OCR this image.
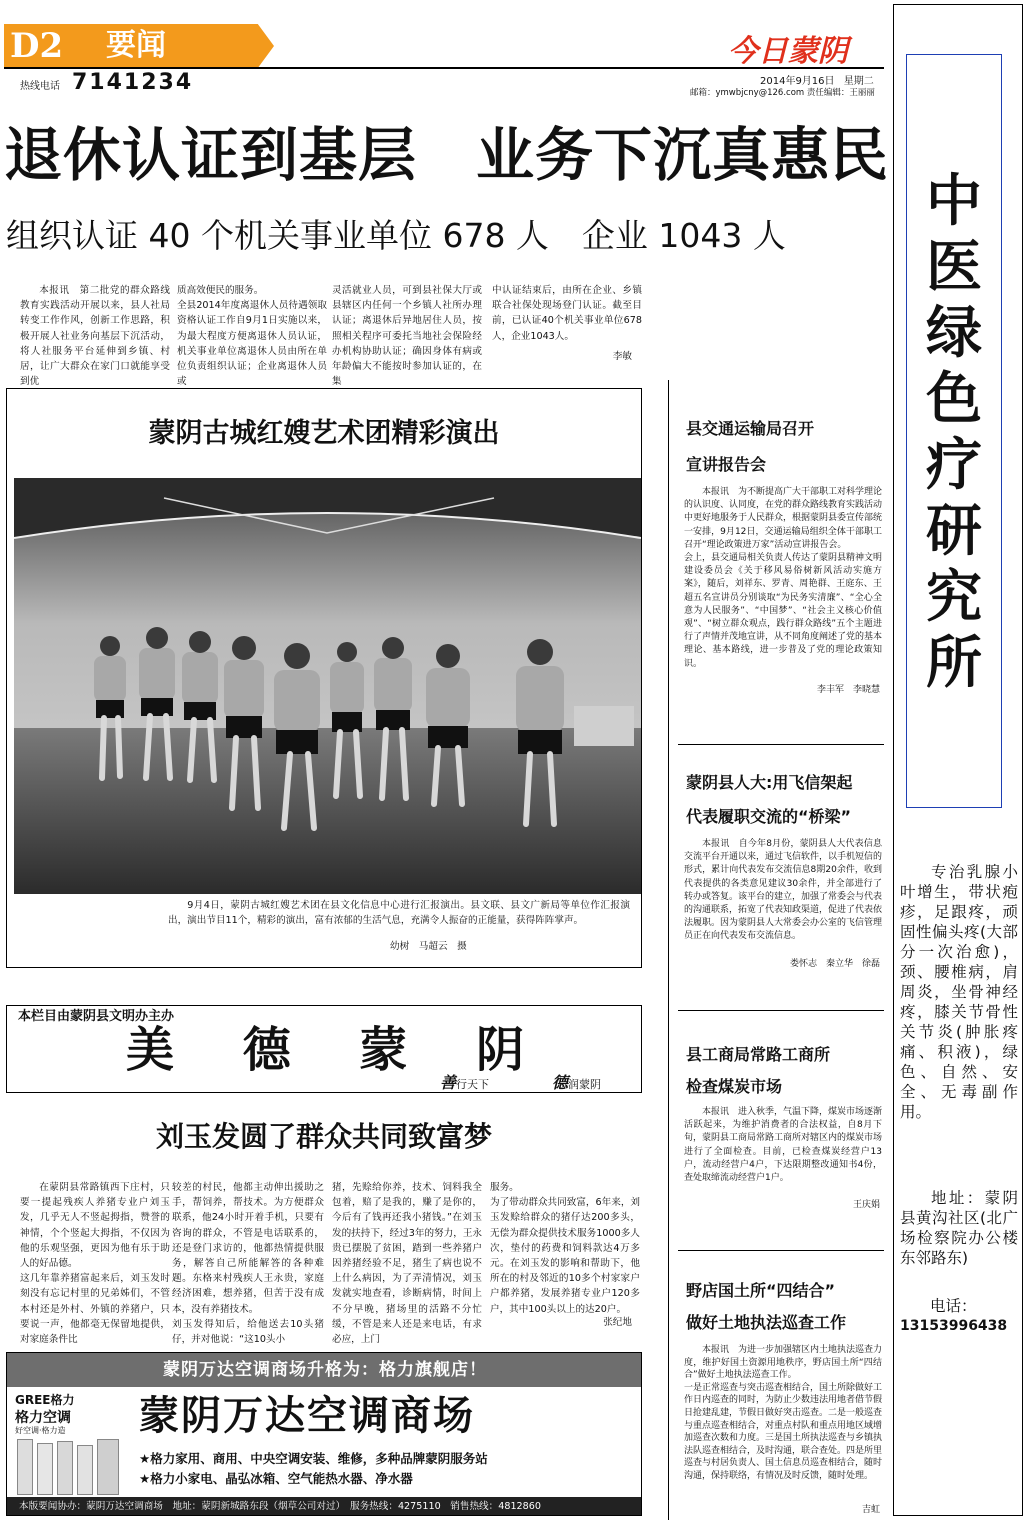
D2 要闻
热线电话 7141234
今日蒙阴
2014年9月16日 星期二
邮箱：ymwbjcny@126.com 责任编辑：王丽丽
退休认证到基层　业务下沉真惠民
组织认证 40 个机关事业单位 678 人　企业 1043 人
本报讯　第二批党的群众路线教育实践活动开展以来，县人社局转变工作作风，创新工作思路，积极开展人社业务向基层下沉活动，将人社服务平台延伸到乡镇、村居，让广大群众在家门口就能享受到优
质高效便民的服务。
全县2014年度离退休人员待遇领取资格认证工作自9月1日实施以来，为最大程度方便离退休人员认证，机关事业单位离退休人员由所在单位负责组织认证；企业离退休人员或
灵活就业人员，可到县社保大厅或县辖区内任何一个乡镇人社所办理认证；离退休后异地居住人员，按照相关程序可委托当地社会保险经办机构协助认证；确因身体有病或年龄偏大不能按时参加认证的，在集
中认证结束后，由所在企业、乡镇联合社保处现场登门认证。截至目前，已认证40个机关事业单位678人，企业1043人。
李敏
蒙阴古城红嫂艺术团精彩演出
9月4日，蒙阴古城红嫂艺术团在县文化信息中心进行汇报演出。县文联、县文广新局等单位作汇报演出，演出节目11个，精彩的演出，富有浓郁的生活气息，充满令人振奋的正能量，获得阵阵掌声。
幼树　马超云　摄
本栏目由蒙阴县文明办主办
美 德 蒙 阴
善行天下	德润蒙阴
刘玉发圆了群众共同致富梦
在蒙阴县常路镇西下庄村，只要一提起残疾人养猪专业户刘玉发，几乎无人不竖起拇指，赞誉的神情，个个竖起大拇指，不仅因为他的乐观坚强，更因为他有乐于助人的好品德。
这几年靠养猪富起来后，刘玉发时刻没有忘记村里的兄弟姊们，不管本村还是外村、外镇的养猪户，只要说一声，他都毫无保留地提供，对家庭条件比
较差的村民，他都主动伸出援助之手，帮饲养，帮技术。为方便群众联系，他24小时开着手机，只要有咨询的群众，不管是电话联系的，还是登门求访的，他都热情提供服务，解答自己所能解答的各种难题。东格来村残疾人王永贵，家庭经济困难，想养猪，但苦于没有成本，没有养猪技术。
刘玉发得知后，给他送去10头猪仔，并对他说：“这10头小
猪，先赊给你养，技术、饲料我全包着，赔了是我的，赚了是你的，今后有了钱再还我小猪钱。”在刘玉发的扶持下，经过3年的努力，王永贵已摆脱了贫困，踏到一些养猪户因养猪经验不足，猪生了病也说不上什么病因，为了弄清情况，刘玉发就实地查看，诊断病情，时间上不分早晚，猪场里的活路不分忙缓，不管是来人还是来电话，有求必应，上门
服务。
为了带动群众共同致富，6年来，刘玉发赊给群众的猪仔达200多头，无偿为群众提供技术服务1000多人次，垫付的药费和饲料款达4万多元。在刘玉发的影响和帮助下，他所在的村及邻近的10多个村家家户户都养猪，发展养猪专业户120多户，其中100头以上的达20户。
张纪地
蒙阴万达空调商场升格为：格力旗舰店！
GREE格力
格力空调
好空调·格力造 蒙阴万达空调商场
★格力家用、商用、中央空调安装、维修，多种品牌蒙阴服务站
★格力小家电、晶弘冰箱、空气能热水器、净水器
本版要闻协办：蒙阴万达空调商场　地址：蒙阴新城路东段（烟草公司对过）　服务热线：4275110　销售热线：4812860
县交通运输局召开
宣讲报告会
本报讯　为不断提高广大干部职工对科学理论的认识度、认同度，在党的群众路线教育实践活动中更好地服务于人民群众，根据蒙阴县委宣传部统一安排，9月12日，交通运输局组织全体干部职工召开“理论政策进万家”活动宣讲报告会。
会上，县交通局相关负责人传达了蒙阴县精神文明建设委员会《关于移风易俗树新风活动实施方案》，随后，刘祥东、罗青、周艳群、王庭东、王超五名宣讲员分别谈取“为民务实清廉”、“全心全意为人民服务”、“中国梦”、“社会主义核心价值观”、“树立群众观点，践行群众路线”五个主题进行了声情并茂地宣讲，从不同角度阐述了党的基本理论、基本路线，进一步普及了党的理论政策知识。
李丰军　李晓慧
蒙阴县人大:用飞信架起
代表履职交流的“桥梁”
本报讯　自今年8月份，蒙阴县人大代表信息交流平台开通以来，通过飞信软件，以手机短信的形式，累计向代表发布交流信息8期20余件，收到代表提供的各类意见建议30余件，并全部进行了转办或答复。该平台的建立，加强了常委会与代表的沟通联系，拓宽了代表知政渠道，促进了代表依法履职。因为蒙阴县人大常委会办公室的飞信管理员正在向代表发布交流信息。
娄怀志　秦立华　徐磊
县工商局常路工商所
检查煤炭市场
本报讯　进入秋季，气温下降，煤炭市场逐渐活跃起来，为维护消费者的合法权益，自8月下旬，蒙阴县工商局常路工商所对辖区内的煤炭市场进行了全面检查。目前，已检查煤炭经营户13户，流动经营户4户，下达限期整改通知书4份，查处取缔流动经营户1户。
王庆娟
野店国土所“四结合”
做好土地执法巡查工作
本报讯　为进一步加强辖区内土地执法巡查力度，维护好国土资源用地秩序，野店国土所“四结合”做好土地执法巡查工作。
一是正常巡查与突击巡查相结合，国土所除做好工作日内巡查的同时，为防止少数违法用地者借节假日抢建乱建，节假日做好突击巡查。二是一般巡查与重点巡查相结合，对重点村队和重点用地区域增加巡查次数和力度。三是国土所执法巡查与乡镇执法队巡查相结合，及时沟通，联合查处。四是所里巡查与村居负责人、国土信息员巡查相结合，随时沟通，保持联络，有情况及时反馈，随时处理。
吉虹
中医绿色疗研究所
专治乳腺小叶增生，带状疱疹，足跟疼，顽固性偏头疼(大部分一次治愈)，颈、腰椎病，肩周炎，坐骨神经疼，膝关节骨性关节炎(肿胀疼痛、积液)，绿色、自然、安全、无毒副作用。
地址：蒙阴县黄沟社区(北广场检察院办公楼东邻路东)
电话：
13153996438
